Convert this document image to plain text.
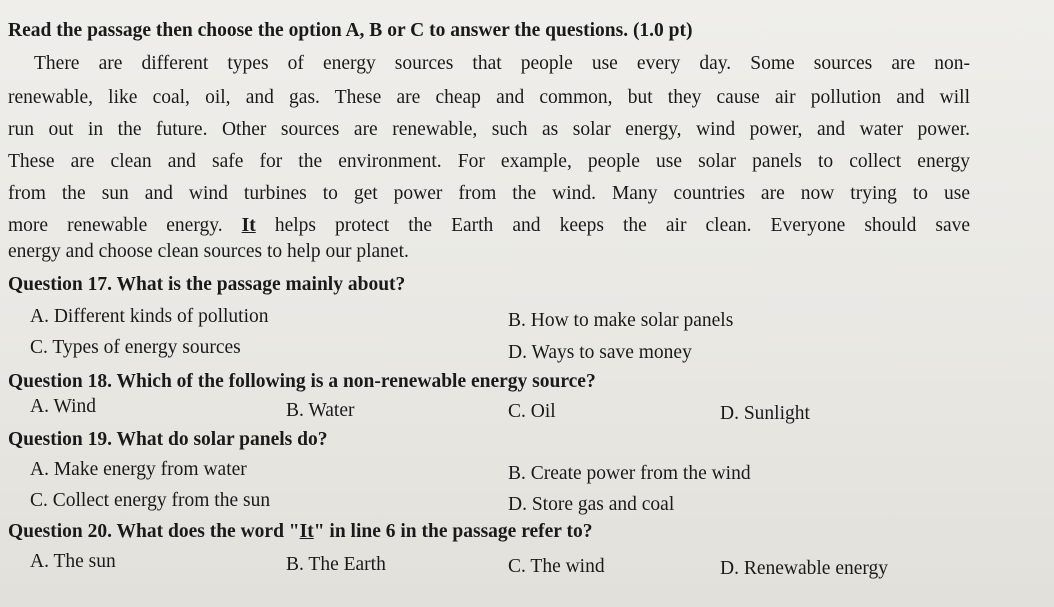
Read the passage then choose the option A, B or C to answer the questions. (1.0 pt)
There are different types of energy sources that people use every day. Some sources are non-
renewable, like coal, oil, and gas. These are cheap and common, but they cause air pollution and will
run out in the future. Other sources are renewable, such as solar energy, wind power, and water power.
These are clean and safe for the environment. For example, people use solar panels to collect energy
from the sun and wind turbines to get power from the wind. Many countries are now trying to use
more renewable energy. It helps protect the Earth and keeps the air clean. Everyone should save
energy and choose clean sources to help our planet.
Question 17. What is the passage mainly about?
A. Different kinds of pollution	B. How to make solar panels
C. Types of energy sources	D. Ways to save money
Question 18. Which of the following is a non-renewable energy source?
A. Wind	B. Water	C. Oil	D. Sunlight
Question 19. What do solar panels do?
A. Make energy from water	B. Create power from the wind
C. Collect energy from the sun	D. Store gas and coal
Question 20. What does the word "It" in line 6 in the passage refer to?
A. The sun	B. The Earth	C. The wind	D. Renewable energy
